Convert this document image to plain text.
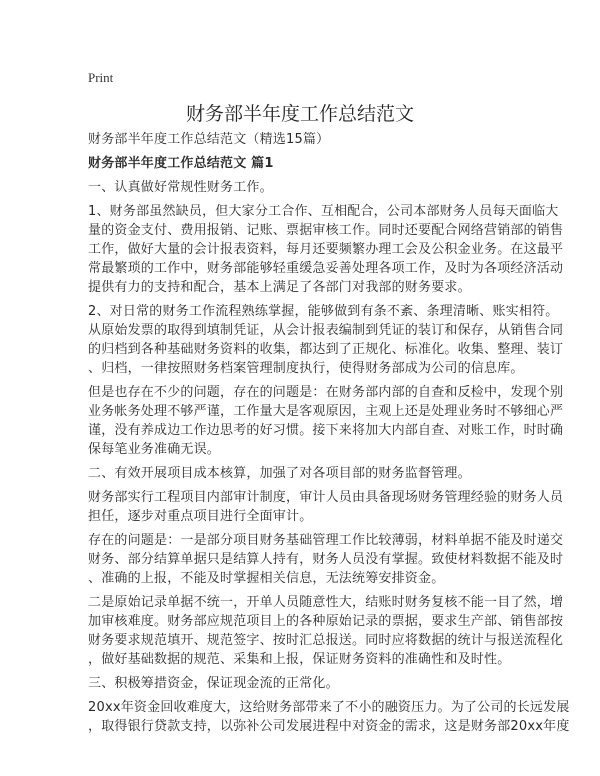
Print
财务部半年度工作总结范文
财务部半年度工作总结范文（精选15篇）
财务部半年度工作总结范文 篇1
一、认真做好常规性财务工作。
1、财务部虽然缺员，但大家分工合作、互相配合，公司本部财务人员每天面临大
量的资金支付、费用报销、记账、票据审核工作。同时还要配合网络营销部的销售
工作，做好大量的会计报表资料，每月还要频繁办理工会及公积金业务。在这最平
常最繁琐的工作中，财务部能够轻重缓急妥善处理各项工作，及时为各项经济活动
提供有力的支持和配合，基本上满足了各部门对我部的财务要求。
2、对日常的财务工作流程熟练掌握，能够做到有条不紊、条理清晰、账实相符。
从原始发票的取得到填制凭证，从会计报表编制到凭证的装订和保存，从销售合同
的归档到各种基础财务资料的收集，都达到了正规化、标准化。收集、整理、装订
、归档，一律按照财务档案管理制度执行，使得财务部成为公司的信息库。
但是也存在不少的问题，存在的问题是：在财务部内部的自查和反检中，发现个别
业务帐务处理不够严谨，工作量大是客观原因，主观上还是处理业务时不够细心严
谨，没有养成边工作边思考的好习惯。接下来将加大内部自查、对账工作，时时确
保每笔业务准确无误。
二、有效开展项目成本核算，加强了对各项目部的财务监督管理。
财务部实行工程项目内部审计制度，审计人员由具备现场财务管理经验的财务人员
担任，逐步对重点项目进行全面审计。
存在的问题是：一是部分项目财务基础管理工作比较薄弱，材料单据不能及时递交
财务、部分结算单据只是结算人持有，财务人员没有掌握。致使材料数据不能及时
、准确的上报，不能及时掌握相关信息，无法统筹安排资金。
二是原始记录单据不统一，开单人员随意性大，结账时财务复核不能一目了然，增
加审核难度。财务部应规范项目上的各种原始记录的票据，要求生产部、销售部按
财务要求规范填开、规范签字、按时汇总报送。同时应将数据的统计与报送流程化
，做好基础数据的规范、采集和上报，保证财务资料的准确性和及时性。
三、积极筹措资金，保证现金流的正常化。
20xx年资金回收难度大，这给财务部带来了不小的融资压力。为了公司的长远发展
，取得银行贷款支持，以弥补公司发展进程中对资金的需求，这是财务部20xx年度
